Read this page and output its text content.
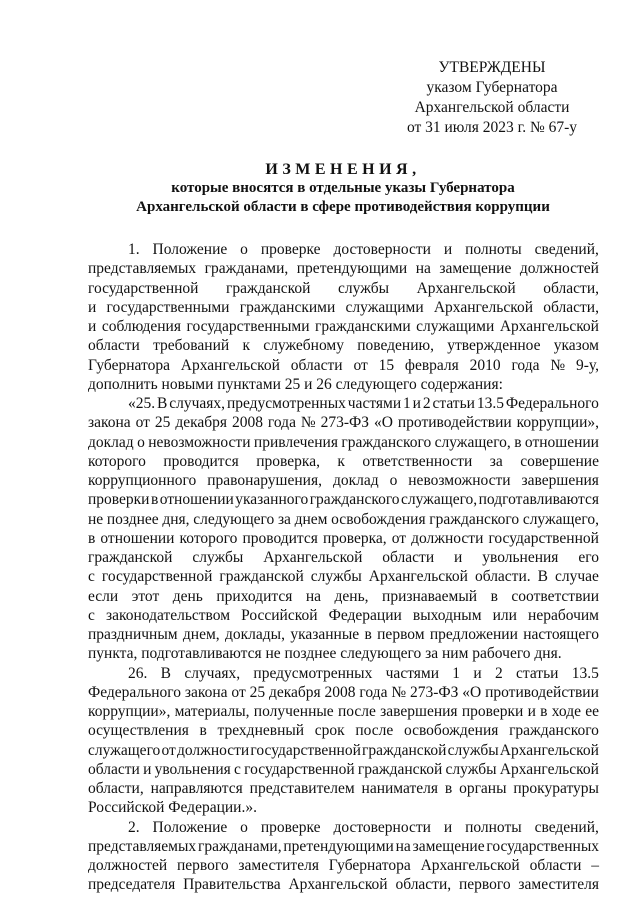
УТВЕРЖДЕНЫ
указом Губернатора
Архангельской области
от 31 июля 2023 г. № 67-у
ИЗМЕНЕНИЯ,
которые вносятся в отдельные указы Губернатора
Архангельской области в сфере противодействия коррупции
1. Положение о проверке достоверности и полноты сведений,
представляемых гражданами, претендующими на замещение должностей
государственной гражданской службы Архангельской области,
и государственными гражданскими служащими Архангельской области,
и соблюдения государственными гражданскими служащими Архангельской
области требований к служебному поведению, утвержденное указом
Губернатора Архангельской области от 15 февраля 2010 года № 9-у,
дополнить новыми пунктами 25 и 26 следующего содержания:
«25. В случаях, предусмотренных частями 1 и 2 статьи 13.5 Федерального
закона от 25 декабря 2008 года № 273-ФЗ «О противодействии коррупции»,
доклад о невозможности привлечения гражданского служащего, в отношении
которого проводится проверка, к ответственности за совершение
коррупционного правонарушения, доклад о невозможности завершения
проверки в отношении указанного гражданского служащего, подготавливаются
не позднее дня, следующего за днем освобождения гражданского служащего,
в отношении которого проводится проверка, от должности государственной
гражданской службы Архангельской области и увольнения его
с государственной гражданской службы Архангельской области. В случае
если этот день приходится на день, признаваемый в соответствии
с законодательством Российской Федерации выходным или нерабочим
праздничным днем, доклады, указанные в первом предложении настоящего
пункта, подготавливаются не позднее следующего за ним рабочего дня.
26. В случаях, предусмотренных частями 1 и 2 статьи 13.5
Федерального закона от 25 декабря 2008 года № 273-ФЗ «О противодействии
коррупции», материалы, полученные после завершения проверки и в ходе ее
осуществления в трехдневный срок после освобождения гражданского
служащего от должности государственной гражданской службы Архангельской
области и увольнения с государственной гражданской службы Архангельской
области, направляются представителем нанимателя в органы прокуратуры
Российской Федерации.».
2. Положение о проверке достоверности и полноты сведений,
представляемых гражданами, претендующими на замещение государственных
должностей первого заместителя Губернатора Архангельской области –
председателя Правительства Архангельской области, первого заместителя
